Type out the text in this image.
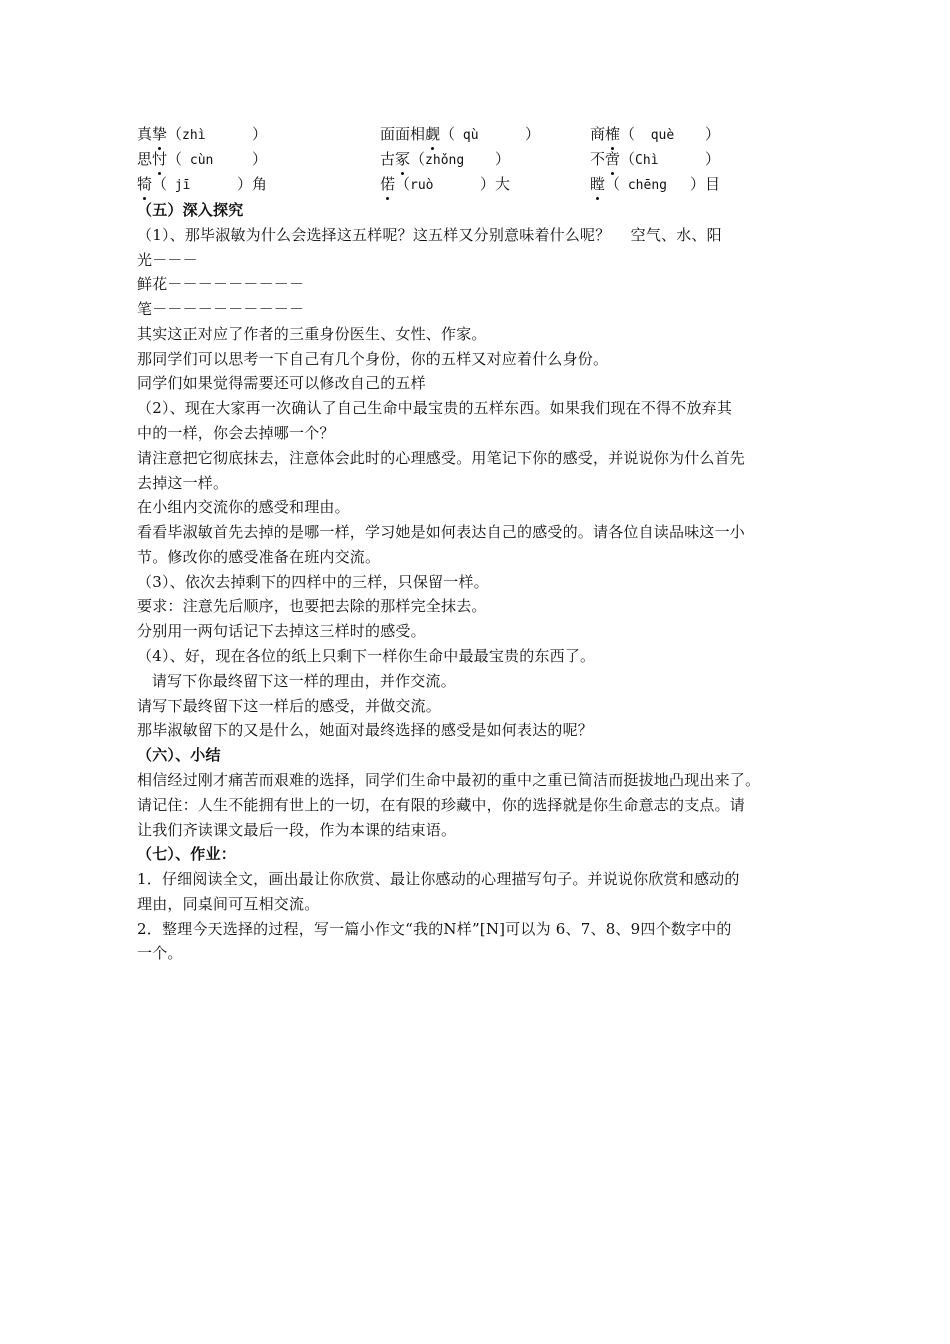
真挚（zhì	）	面面相觑（ qù	）	商榷（  què ）
思忖（ cùn	）	古冢（zhǒng ）	不啻（Chì	）
犄（ jī	）角	偌（ruò	）大	瞠（ chēng ）目
（五）深入探究
（1）、那毕淑敏为什么会选择这五样呢？这五样又分别意味着什么呢？　 空气、水、阳
光－－－
鲜花－－－－－－－－－
笔－－－－－－－－－－
其实这正对应了作者的三重身份医生、女性、作家。
那同学们可以思考一下自己有几个身份，你的五样又对应着什么身份。
同学们如果觉得需要还可以修改自己的五样
（2）、现在大家再一次确认了自己生命中最宝贵的五样东西。如果我们现在不得不放弃其
中的一样，你会去掉哪一个？
请注意把它彻底抹去，注意体会此时的心理感受。用笔记下你的感受，并说说你为什么首先
去掉这一样。
在小组内交流你的感受和理由。
看看毕淑敏首先去掉的是哪一样，学习她是如何表达自己的感受的。请各位自读品味这一小
节。修改你的感受准备在班内交流。
（3）、依次去掉剩下的四样中的三样，只保留一样。
要求：注意先后顺序，也要把去除的那样完全抹去。
分别用一两句话记下去掉这三样时的感受。
（4）、好，现在各位的纸上只剩下一样你生命中最最宝贵的东西了。
请写下你最终留下这一样的理由，并作交流。
请写下最终留下这一样后的感受，并做交流。
那毕淑敏留下的又是什么，她面对最终选择的感受是如何表达的呢？
（六）、小结
相信经过刚才痛苦而艰难的选择，同学们生命中最初的重中之重已简洁而挺拔地凸现出来了。
请记住：人生不能拥有世上的一切，在有限的珍藏中，你的选择就是你生命意志的支点。请
让我们齐读课文最后一段，作为本课的结束语。
（七）、作业：
1．仔细阅读全文，画出最让你欣赏、最让你感动的心理描写句子。并说说你欣赏和感动的
理由，同桌间可互相交流。
2．整理今天选择的过程，写一篇小作文“我的N样”[N]可以为 6、7、8、9四个数字中的
一个。
